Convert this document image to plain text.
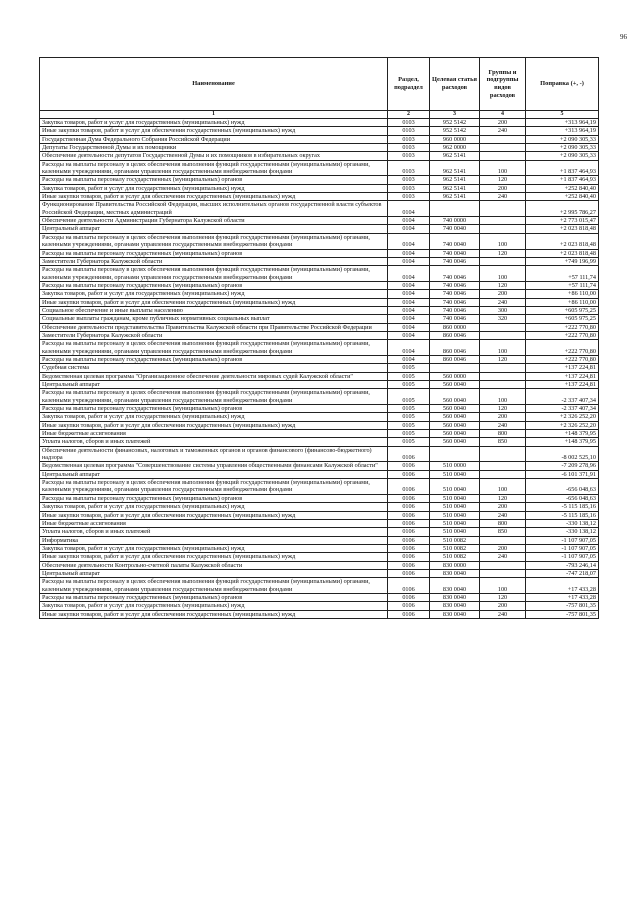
96
Наименование	Раздел, подраздел	Целевая статья расходов	Группы и подгруппы видов расходов	Поправка (+, -)
1	2	3	4	5
Закупка товаров, работ и услуг для государственных (муниципальных) нужд	0103	952 5142	200	+313 964,19
Иные закупки товаров, работ и услуг для обеспечения государственных (муниципальных) нужд	0103	952 5142	240	+313 964,19
Государственная Дума Федерального Собрания Российской Федерации	0103	960 0000		+2 090 305,33
Депутаты Государственной Думы и их помощники	0103	962 0000		+2 090 305,33
Обеспечение деятельности депутатов Государственной Думы и их помощников в избирательных округах	0103	962 5141		+2 090 305,33
Расходы на выплаты персоналу в целях обеспечения выполнения функций государственными (муниципальными) органами, казенными учреждениями, органами управления государственными внебюджетными фондами	0103	962 5141	100	+1 837 464,93
Расходы на выплаты персоналу государственных (муниципальных) органов	0103	962 5141	120	+1 837 464,93
Закупка товаров, работ и услуг для государственных (муниципальных) нужд	0103	962 5141	200	+252 840,40
Иные закупки товаров, работ и услуг для обеспечения государственных (муниципальных) нужд	0103	962 5141	240	+252 840,40
Функционирование Правительства Российской Федерации, высших исполнительных органов государственной власти субъектов Российской Федерации, местных администраций	0104			+2 995 786,27
Обеспечение деятельности Администрации Губернатора Калужской области	0104	740 0000		+2 773 015,47
Центральный аппарат	0104	740 0040		+2 023 818,48
Расходы на выплаты персоналу в целях обеспечения выполнения функций государственными (муниципальными) органами, казенными учреждениями, органами управления государственными внебюджетными фондами	0104	740 0040	100	+2 023 818,48
Расходы на выплаты персоналу государственных (муниципальных) органов	0104	740 0040	120	+2 023 818,48
Заместители Губернатора Калужской области	0104	740 0046		+749 196,99
Расходы на выплаты персоналу в целях обеспечения выполнения функций государственными (муниципальными) органами, казенными учреждениями, органами управления государственными внебюджетными фондами	0104	740 0046	100	+57 111,74
Расходы на выплаты персоналу государственных (муниципальных) органов	0104	740 0046	120	+57 111,74
Закупка товаров, работ и услуг для государственных (муниципальных) нужд	0104	740 0046	200	+86 110,00
Иные закупки товаров, работ и услуг для обеспечения государственных (муниципальных) нужд	0104	740 0046	240	+86 110,00
Социальное обеспечение и иные выплаты населению	0104	740 0046	300	+605 975,25
Социальные выплаты гражданам, кроме публичных нормативных социальных выплат	0104	740 0046	320	+605 975,25
Обеспечение деятельности представительства Правительства Калужской области при Правительстве Российской Федерации	0104	860 0000		+222 770,80
Заместители Губернатора Калужской области	0104	860 0046		+222 770,80
Расходы на выплаты персоналу в целях обеспечения выполнения функций государственными (муниципальными) органами, казенными учреждениями, органами управления государственными внебюджетными фондами	0104	860 0046	100	+222 770,80
Расходы на выплаты персоналу государственных (муниципальных) органов	0104	860 0046	120	+222 770,80
Судебная система	0105			+137 224,81
Ведомственная целевая программа "Организационное обеспечение деятельности мировых судей Калужской области"	0105	560 0000		+137 224,81
Центральный аппарат	0105	560 0040		+137 224,81
Расходы на выплаты персоналу в целях обеспечения выполнения функций государственными (муниципальными) органами, казенными учреждениями, органами управления государственными внебюджетными фондами	0105	560 0040	100	-2 337 407,34
Расходы на выплаты персоналу государственных (муниципальных) органов	0105	560 0040	120	-2 337 407,34
Закупка товаров, работ и услуг для государственных (муниципальных) нужд	0105	560 0040	200	+2 326 252,20
Иные закупки товаров, работ и услуг для обеспечения государственных (муниципальных) нужд	0105	560 0040	240	+2 326 252,20
Иные бюджетные ассигнования	0105	560 0040	800	+148 379,95
Уплата налогов, сборов и иных платежей	0105	560 0040	850	+148 379,95
Обеспечение деятельности финансовых, налоговых и таможенных органов и органов финансового (финансово-бюджетного) надзора	0106			-8 002 525,10
Ведомственная целевая программа "Совершенствование системы управления общественными финансами Калужской области"	0106	510 0000		-7 209 278,96
Центральный аппарат	0106	510 0040		-6 101 371,91
Расходы на выплаты персоналу в целях обеспечения выполнения функций государственными (муниципальными) органами, казенными учреждениями, органами управления государственными внебюджетными фондами	0106	510 0040	100	-656 048,63
Расходы на выплаты персоналу государственных (муниципальных) органов	0106	510 0040	120	-656 048,63
Закупка товаров, работ и услуг для государственных (муниципальных) нужд	0106	510 0040	200	-5 115 185,16
Иные закупки товаров, работ и услуг для обеспечения государственных (муниципальных) нужд	0106	510 0040	240	-5 115 185,16
Иные бюджетные ассигнования	0106	510 0040	800	-330 138,12
Уплата налогов, сборов и иных платежей	0106	510 0040	850	-330 138,12
Информатика	0106	510 0082		-1 107 907,05
Закупка товаров, работ и услуг для государственных (муниципальных) нужд	0106	510 0082	200	-1 107 907,05
Иные закупки товаров, работ и услуг для обеспечения государственных (муниципальных) нужд	0106	510 0082	240	-1 107 907,05
Обеспечение деятельности Контрольно-счетной палаты Калужской области	0106	830 0000		-793 246,14
Центральный аппарат	0106	830 0040		-747 218,07
Расходы на выплаты персоналу в целях обеспечения выполнения функций государственными (муниципальными) органами, казенными учреждениями, органами управления государственными внебюджетными фондами	0106	830 0040	100	+17 433,28
Расходы на выплаты персоналу государственных (муниципальных) органов	0106	830 0040	120	+17 433,28
Закупка товаров, работ и услуг для государственных (муниципальных) нужд	0106	830 0040	200	-757 801,35
Иные закупки товаров, работ и услуг для обеспечения государственных (муниципальных) нужд	0106	830 0040	240	-757 801,35
